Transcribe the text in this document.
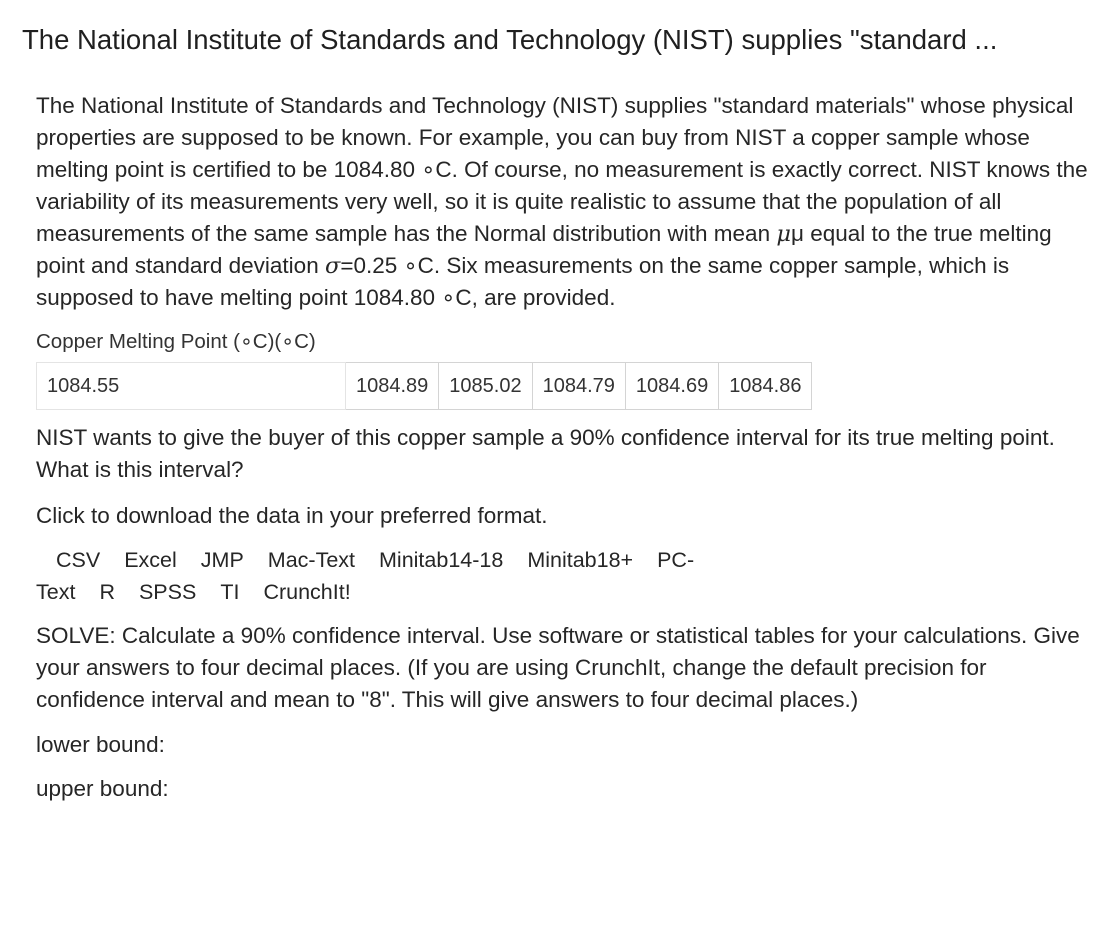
The National Institute of Standards and Technology (NIST) supplies "standard ...

The National Institute of Standards and Technology (NIST) supplies "standard materials" whose physical properties are supposed to be known. For example, you can buy from NIST a copper sample whose melting point is certified to be 1084.80 ∘C. Of course, no measurement is exactly correct. NIST knows the variability of its measurements very well, so it is quite realistic to assume that the population of all measurements of the same sample has the Normal distribution with mean μμ equal to the true melting point and standard deviation σ=0.25 ∘C. Six measurements on the same copper sample, which is supposed to have melting point 1084.80 ∘C, are provided.

Copper Melting Point (∘C)(∘C)
1084.55	1084.89	1085.02	1084.79	1084.69	1084.86
NIST wants to give the buyer of this copper sample a 90% confidence interval for its true melting point. What is this interval?
Click to download the data in your preferred format.
CSV Excel JMP Mac-Text Minitab14-18 Minitab18+ PC-Text R SPSS TI CrunchIt!
SOLVE: Calculate a 90% confidence interval. Use software or statistical tables for your calculations. Give your answers to four decimal places. (If you are using CrunchIt, change the default precision for confidence interval and mean to "8". This will give answers to four decimal places.)
lower bound:
upper bound:
